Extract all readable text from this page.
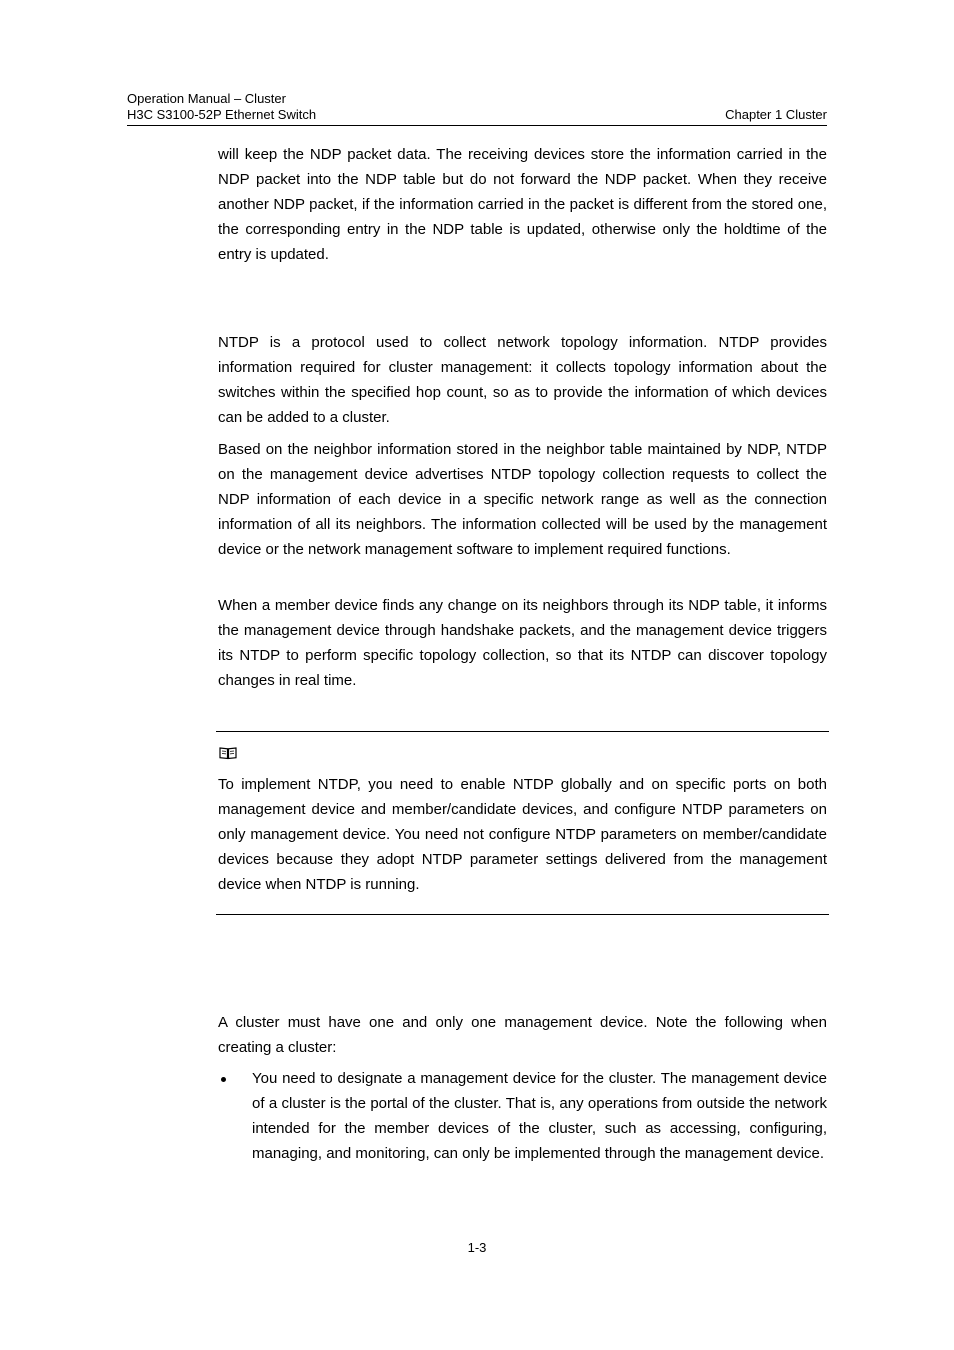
Operation Manual – Cluster
H3C S3100-52P Ethernet Switch	Chapter 1 Cluster

will keep the NDP packet data. The receiving devices store the information carried in the NDP packet into the NDP table but do not forward the NDP packet. When they receive another NDP packet, if the information carried in the packet is different from the stored one, the corresponding entry in the NDP table is updated, otherwise only the holdtime of the entry is updated.

NTDP is a protocol used to collect network topology information. NTDP provides information required for cluster management: it collects topology information about the switches within the specified hop count, so as to provide the information of which devices can be added to a cluster.

Based on the neighbor information stored in the neighbor table maintained by NDP, NTDP on the management device advertises NTDP topology collection requests to collect the NDP information of each device in a specific network range as well as the connection information of all its neighbors. The information collected will be used by the management device or the network management software to implement required functions.

When a member device finds any change on its neighbors through its NDP table, it informs the management device through handshake packets, and the management device triggers its NTDP to perform specific topology collection, so that its NTDP can discover topology changes in real time.

To implement NTDP, you need to enable NTDP globally and on specific ports on both management device and member/candidate devices, and configure NTDP parameters on only management device. You need not configure NTDP parameters on member/candidate devices because they adopt NTDP parameter settings delivered from the management device when NTDP is running.

A cluster must have one and only one management device. Note the following when creating a cluster:

You need to designate a management device for the cluster. The management device of a cluster is the portal of the cluster. That is, any operations from outside the network intended for the member devices of the cluster, such as accessing, configuring, managing, and monitoring, can only be implemented through the management device.
1-3
